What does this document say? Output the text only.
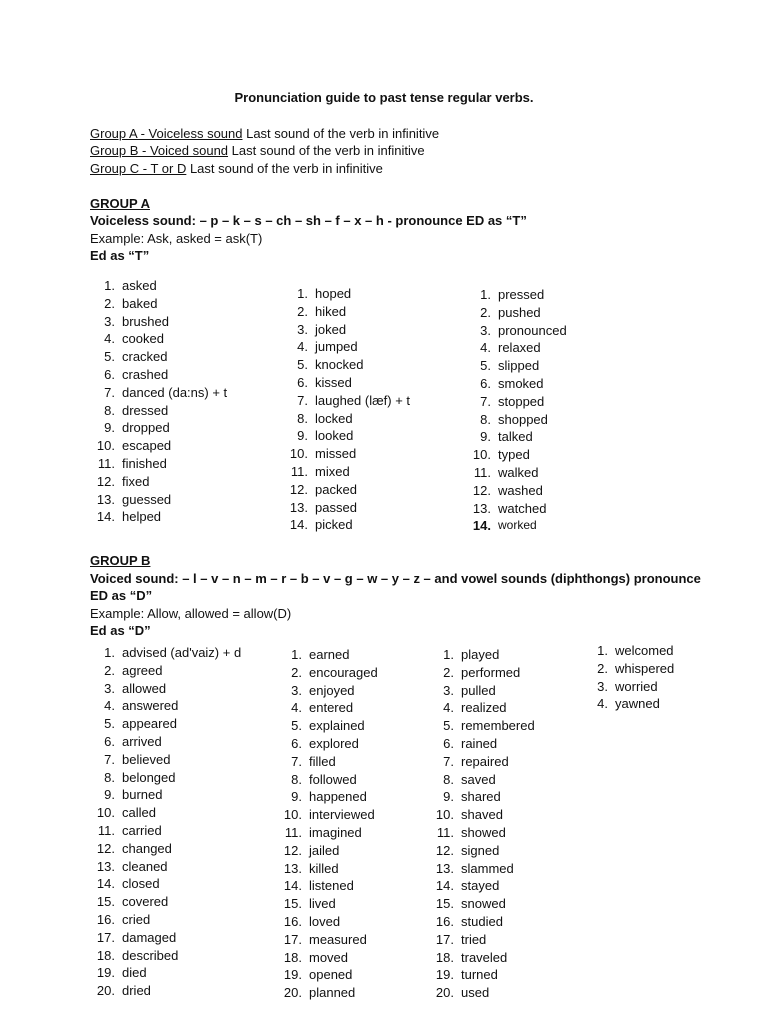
Pronunciation guide to past tense regular verbs.
Group A - Voiceless sound Last sound of the verb in infinitive
Group B - Voiced sound Last sound of the verb in infinitive
Group C - T or D Last sound of the verb in infinitive
GROUP A
Voiceless sound: – p – k – s – ch – sh – f – x – h - pronounce ED as “T”
Example: Ask, asked = ask(T)
Ed as “T”
1. asked
2. baked
3. brushed
4. cooked
5. cracked
6. crashed
7. danced (da:ns) + t
8. dressed
9. dropped
10. escaped
11. finished
12. fixed
13. guessed
14. helped
1. hoped
2. hiked
3. joked
4. jumped
5. knocked
6. kissed
7. laughed (læf) + t
8. locked
9. looked
10. missed
11. mixed
12. packed
13. passed
14. picked
1. pressed
2. pushed
3. pronounced
4. relaxed
5. slipped
6. smoked
7. stopped
8. shopped
9. talked
10. typed
11. walked
12. washed
13. watched
14. worked
GROUP B
Voiced sound: – l – v – n – m – r – b – v – g – w – y – z – and vowel sounds (diphthongs) pronounce
ED as “D”
Example: Allow, allowed = allow(D)
Ed as “D”
1. advised (ad'vaiz) + d
2. agreed
3. allowed
4. answered
5. appeared
6. arrived
7. believed
8. belonged
9. burned
10. called
11. carried
12. changed
13. cleaned
14. closed
15. covered
16. cried
17. damaged
18. described
19. died
20. dried
1. earned
2. encouraged
3. enjoyed
4. entered
5. explained
6. explored
7. filled
8. followed
9. happened
10. interviewed
11. imagined
12. jailed
13. killed
14. listened
15. lived
16. loved
17. measured
18. moved
19. opened
20. planned
1. played
2. performed
3. pulled
4. realized
5. remembered
6. rained
7. repaired
8. saved
9. shared
10. shaved
11. showed
12. signed
13. slammed
14. stayed
15. snowed
16. studied
17. tried
18. traveled
19. turned
20. used
1. welcomed
2. whispered
3. worried
4. yawned
